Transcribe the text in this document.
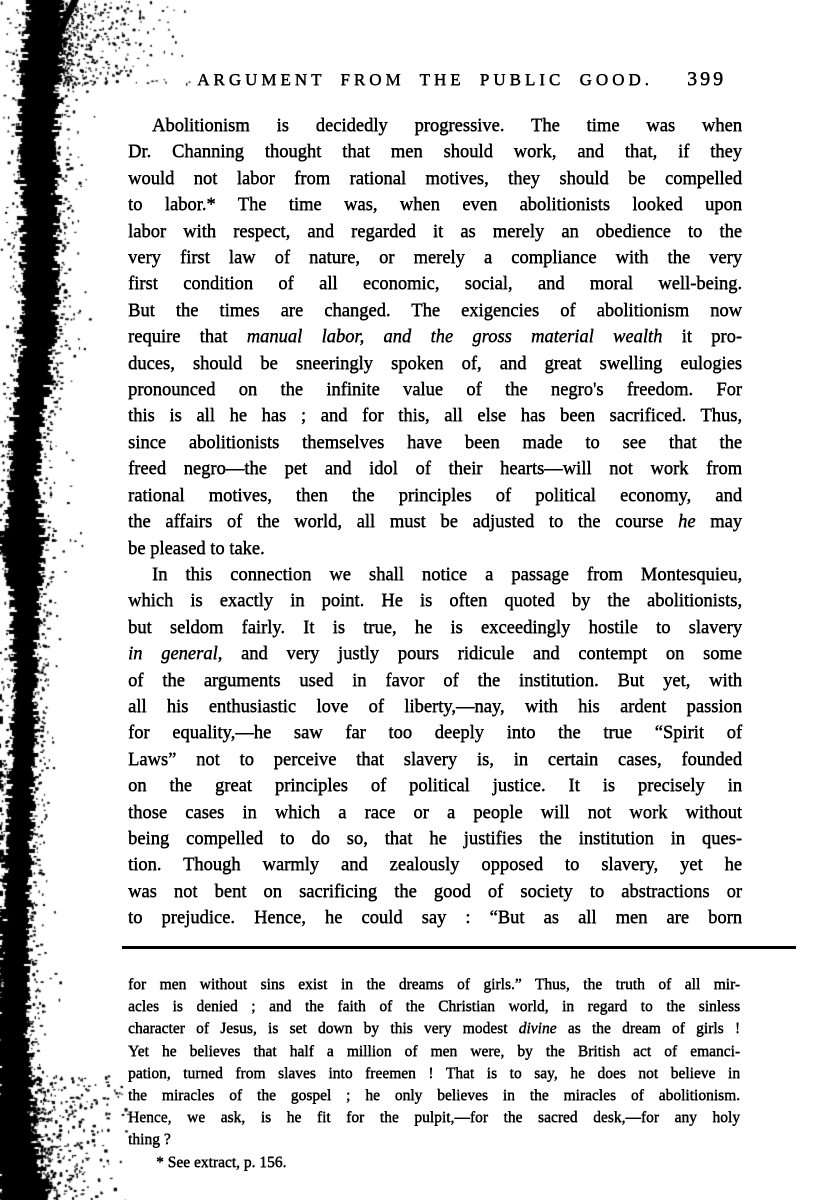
ARGUMENT FROM THE PUBLIC GOOD.	399
Abolitionism is decidedly progressive. The time was when
Dr. Channing thought that men should work, and that, if they
would not labor from rational motives, they should be compelled
to labor.* The time was, when even abolitionists looked upon
labor with respect, and regarded it as merely an obedience to the
very first law of nature, or merely a compliance with the very
first condition of all economic, social, and moral well-being.
But the times are changed. The exigencies of abolitionism now
require that manual labor, and the gross material wealth it pro-
duces, should be sneeringly spoken of, and great swelling eulogies
pronounced on the infinite value of the negro's freedom. For
this is all he has ; and for this, all else has been sacrificed. Thus,
since abolitionists themselves have been made to see that the
freed negro—the pet and idol of their hearts—will not work from
rational motives, then the principles of political economy, and
the affairs of the world, all must be adjusted to the course he may
be pleased to take.
In this connection we shall notice a passage from Montesquieu,
which is exactly in point. He is often quoted by the abolitionists,
but seldom fairly. It is true, he is exceedingly hostile to slavery
in general, and very justly pours ridicule and contempt on some
of the arguments used in favor of the institution. But yet, with
all his enthusiastic love of liberty,—nay, with his ardent passion
for equality,—he saw far too deeply into the true “Spirit of
Laws” not to perceive that slavery is, in certain cases, founded
on the great principles of political justice. It is precisely in
those cases in which a race or a people will not work without
being compelled to do so, that he justifies the institution in ques-
tion. Though warmly and zealously opposed to slavery, yet he
was not bent on sacrificing the good of society to abstractions or
to prejudice. Hence, he could say : “But as all men are born
for men without sins exist in the dreams of girls.” Thus, the truth of all mir-
acles is denied ; and the faith of the Christian world, in regard to the sinless
character of Jesus, is set down by this very modest divine as the dream of girls !
Yet he believes that half a million of men were, by the British act of emanci-
pation, turned from slaves into freemen ! That is to say, he does not believe in
the miracles of the gospel ; he only believes in the miracles of abolitionism.
Hence, we ask, is he fit for the pulpit,—for the sacred desk,—for any holy
thing ?
* See extract, p. 156.
